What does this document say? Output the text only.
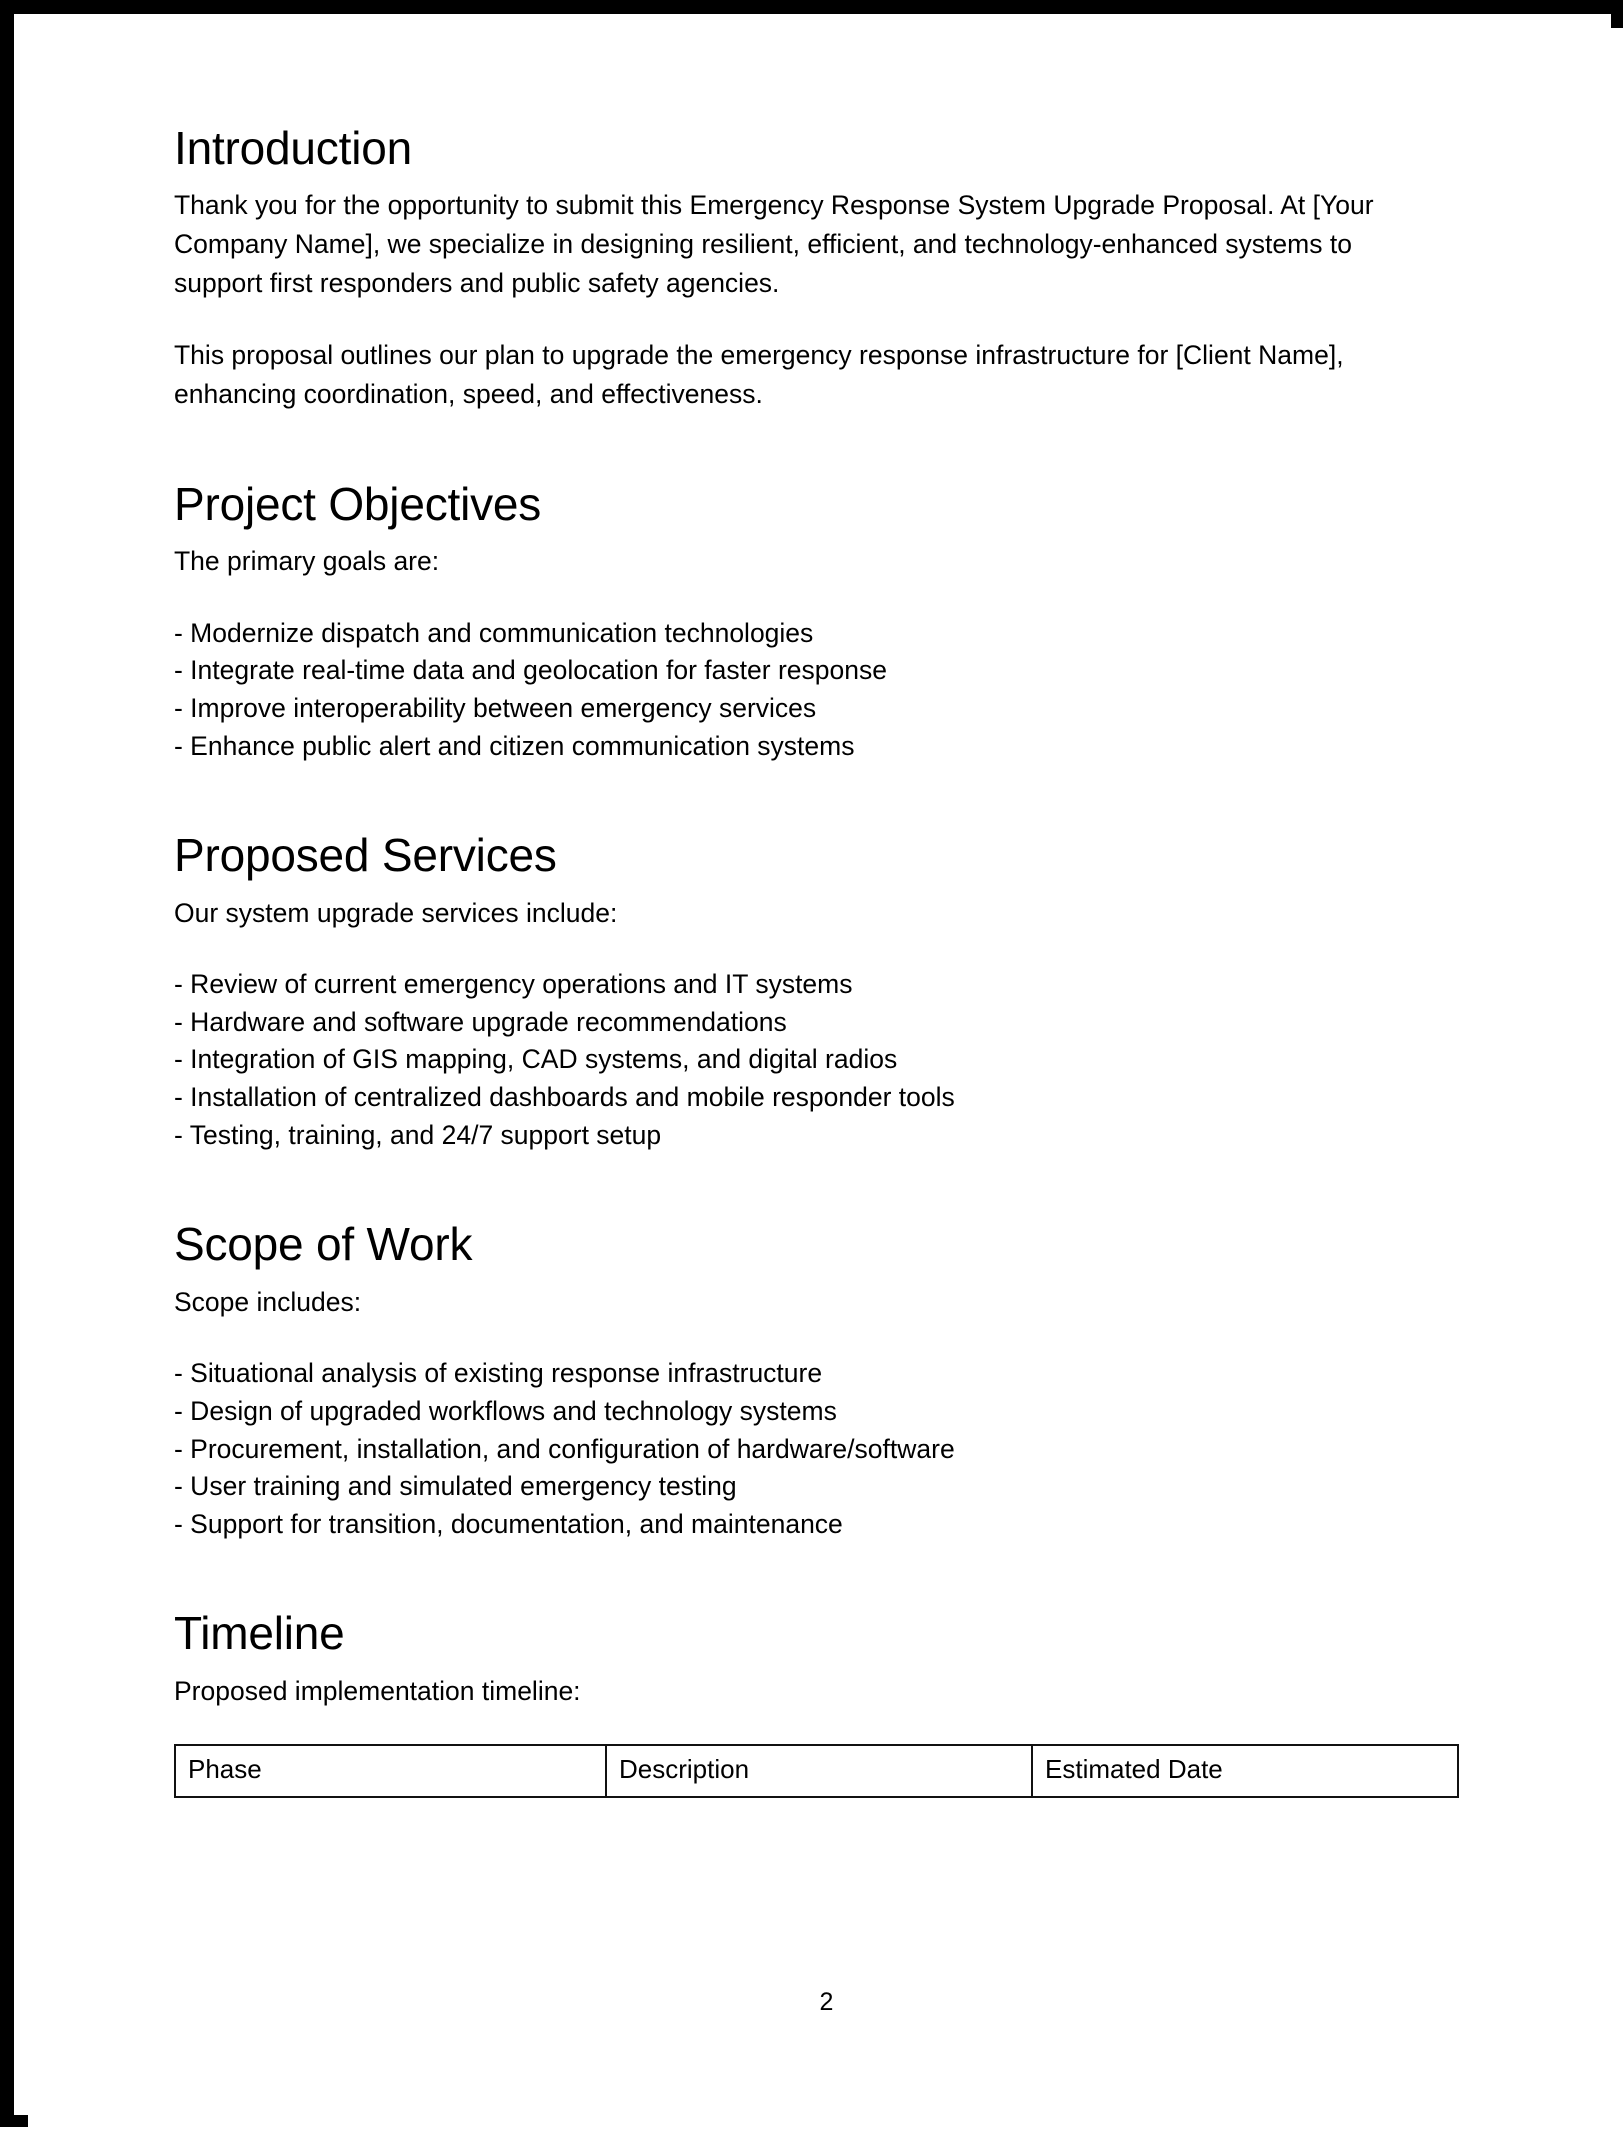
Introduction

Thank you for the opportunity to submit this Emergency Response System Upgrade Proposal. At [Your Company Name], we specialize in designing resilient, efficient, and technology-enhanced systems to support first responders and public safety agencies.

This proposal outlines our plan to upgrade the emergency response infrastructure for [Client Name], enhancing coordination, speed, and effectiveness.

Project Objectives

The primary goals are:

- Modernize dispatch and communication technologies
- Integrate real-time data and geolocation for faster response
- Improve interoperability between emergency services
- Enhance public alert and citizen communication systems
Proposed Services

Our system upgrade services include:

- Review of current emergency operations and IT systems
- Hardware and software upgrade recommendations
- Integration of GIS mapping, CAD systems, and digital radios
- Installation of centralized dashboards and mobile responder tools
- Testing, training, and 24/7 support setup
Scope of Work

Scope includes:

- Situational analysis of existing response infrastructure
- Design of upgraded workflows and technology systems
- Procurement, installation, and configuration of hardware/software
- User training and simulated emergency testing
- Support for transition, documentation, and maintenance
Timeline

Proposed implementation timeline:

Phase	Description	Estimated Date
2
